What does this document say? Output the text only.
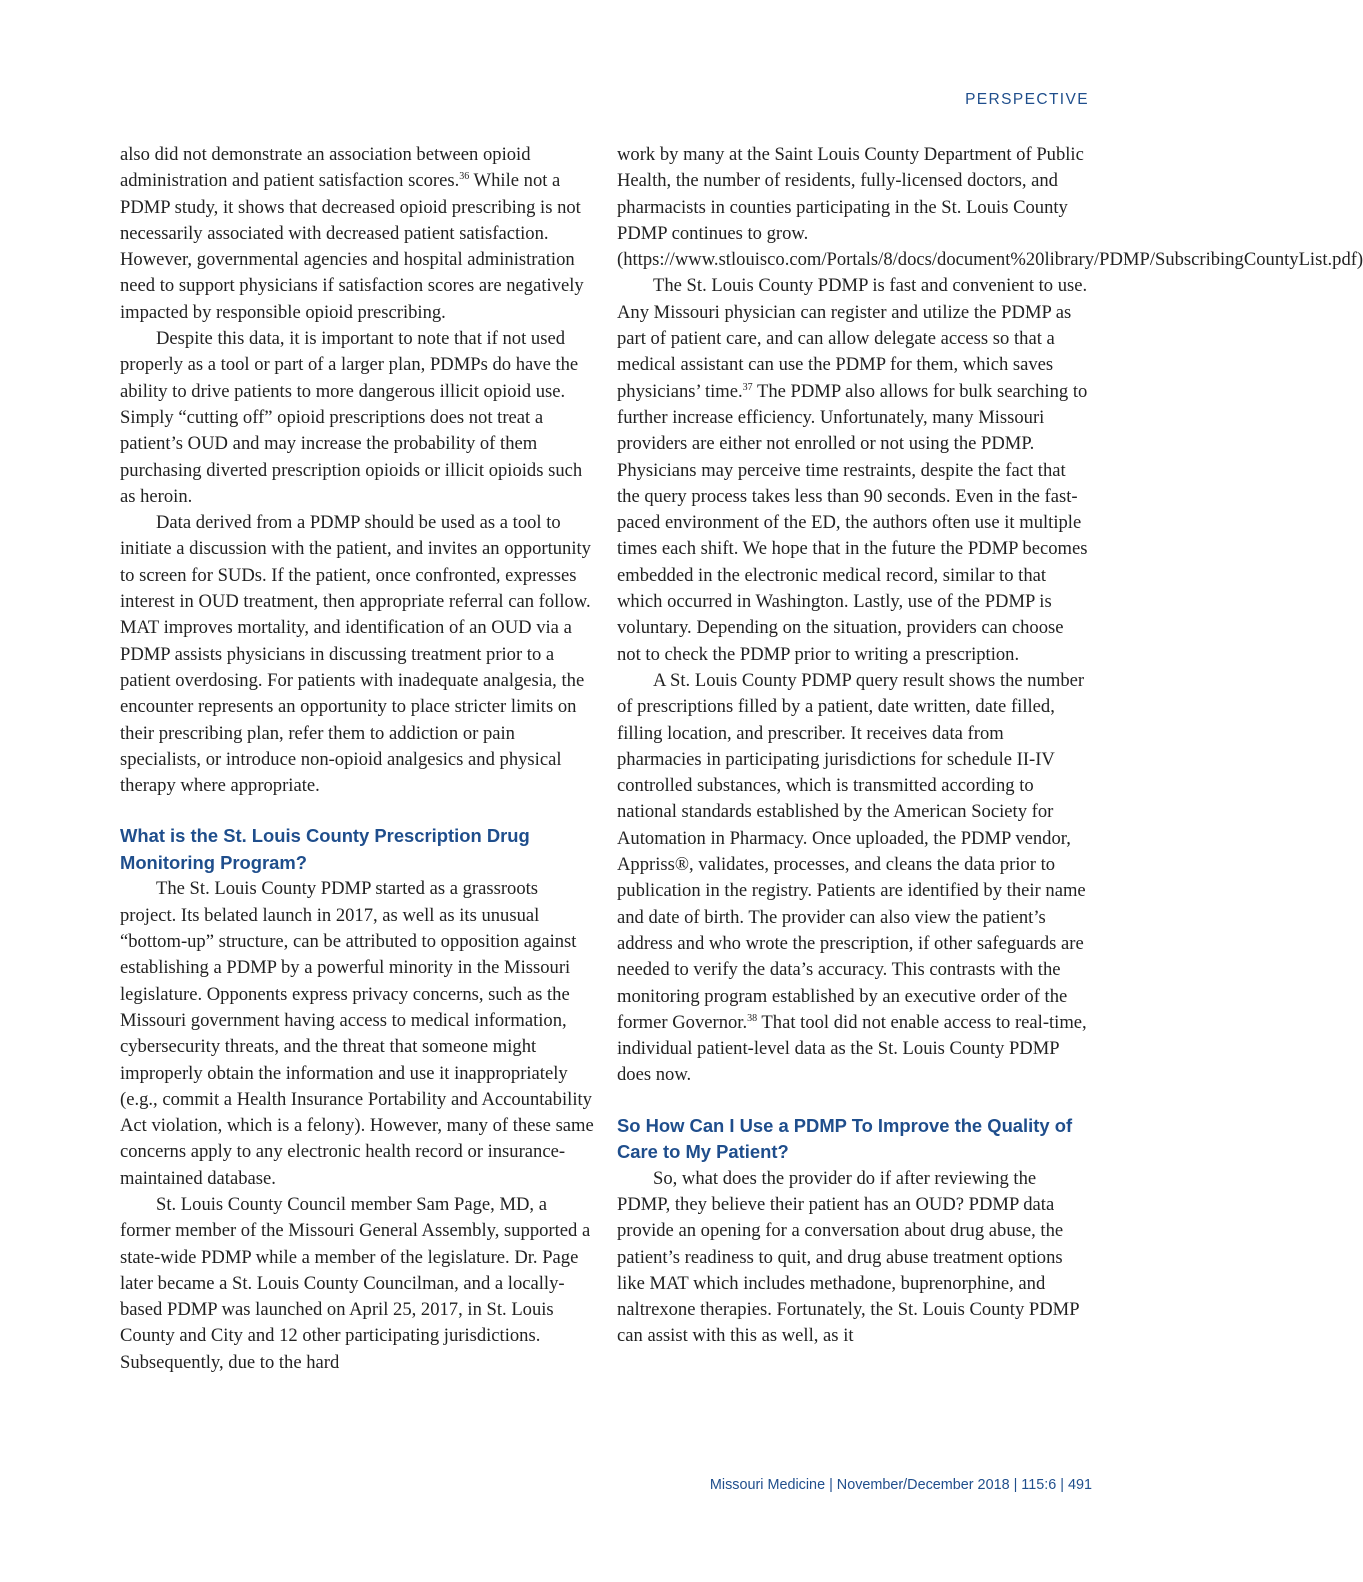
PERSPECTIVE

also did not demonstrate an association between opioid administration and patient satisfaction scores.$^{36}$ While not a PDMP study, it shows that decreased opioid prescribing is not necessarily associated with decreased patient satisfaction. However, governmental agencies and hospital administration need to support physicians if satisfaction scores are negatively impacted by responsible opioid prescribing.

Despite this data, it is important to note that if not used properly as a tool or part of a larger plan, PDMPs do have the ability to drive patients to more dangerous illicit opioid use. Simply “cutting off” opioid prescriptions does not treat a patient’s OUD and may increase the probability of them purchasing diverted prescription opioids or illicit opioids such as heroin.

Data derived from a PDMP should be used as a tool to initiate a discussion with the patient, and invites an opportunity to screen for SUDs. If the patient, once confronted, expresses interest in OUD treatment, then appropriate referral can follow. MAT improves mortality, and identification of an OUD via a PDMP assists physicians in discussing treatment prior to a patient overdosing. For patients with inadequate analgesia, the encounter represents an opportunity to place stricter limits on their prescribing plan, refer them to addiction or pain specialists, or introduce non-opioid analgesics and physical therapy where appropriate.

What is the St. Louis County Prescription Drug Monitoring Program?

The St. Louis County PDMP started as a grassroots project. Its belated launch in 2017, as well as its unusual “bottom-up” structure, can be attributed to opposition against establishing a PDMP by a powerful minority in the Missouri legislature. Opponents express privacy concerns, such as the Missouri government having access to medical information, cybersecurity threats, and the threat that someone might improperly obtain the information and use it inappropriately (e.g., commit a Health Insurance Portability and Accountability Act violation, which is a felony). However, many of these same concerns apply to any electronic health record or insurance-maintained database.

St. Louis County Council member Sam Page, MD, a former member of the Missouri General Assembly, supported a state-wide PDMP while a member of the legislature. Dr. Page later became a St. Louis County Councilman, and a locally-based PDMP was launched on April 25, 2017, in St. Louis County and City and 12 other participating jurisdictions. Subsequently, due to the hard

work by many at the Saint Louis County Department of Public Health, the number of residents, fully-licensed doctors, and pharmacists in counties participating in the St. Louis County PDMP continues to grow. (https://www.stlouisco.com/Portals/8/docs/document%20library/PDMP/SubscribingCountyList.pdf)

The St. Louis County PDMP is fast and convenient to use. Any Missouri physician can register and utilize the PDMP as part of patient care, and can allow delegate access so that a medical assistant can use the PDMP for them, which saves physicians’ time.$^{37}$ The PDMP also allows for bulk searching to further increase efficiency. Unfortunately, many Missouri providers are either not enrolled or not using the PDMP. Physicians may perceive time restraints, despite the fact that the query process takes less than 90 seconds. Even in the fast-paced environment of the ED, the authors often use it multiple times each shift. We hope that in the future the PDMP becomes embedded in the electronic medical record, similar to that which occurred in Washington. Lastly, use of the PDMP is voluntary. Depending on the situation, providers can choose not to check the PDMP prior to writing a prescription.

A St. Louis County PDMP query result shows the number of prescriptions filled by a patient, date written, date filled, filling location, and prescriber. It receives data from pharmacies in participating jurisdictions for schedule II-IV controlled substances, which is transmitted according to national standards established by the American Society for Automation in Pharmacy. Once uploaded, the PDMP vendor, Appriss®, validates, processes, and cleans the data prior to publication in the registry. Patients are identified by their name and date of birth. The provider can also view the patient’s address and who wrote the prescription, if other safeguards are needed to verify the data’s accuracy. This contrasts with the monitoring program established by an executive order of the former Governor.$^{38}$ That tool did not enable access to real-time, individual patient-level data as the St. Louis County PDMP does now.

So How Can I Use a PDMP To Improve the Quality of Care to My Patient?

So, what does the provider do if after reviewing the PDMP, they believe their patient has an OUD? PDMP data provide an opening for a conversation about drug abuse, the patient’s readiness to quit, and drug abuse treatment options like MAT which includes methadone, buprenorphine, and naltrexone therapies. Fortunately, the St. Louis County PDMP can assist with this as well, as it

Missouri Medicine | November/December 2018 | 115:6 | 491
